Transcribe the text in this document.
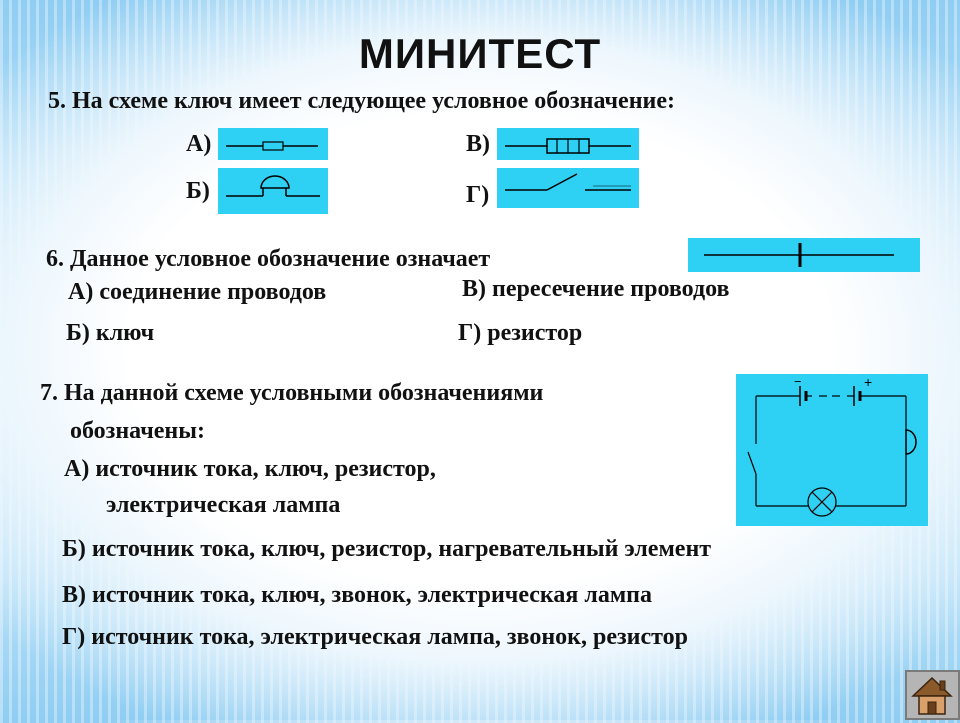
МИНИТЕСТ
5. На схеме ключ имеет следующее условное обозначение:
А)
Б)
В)
Г)
6. Данное условное обозначение означает
А) соединение проводов	В) пересечение проводов
Б) ключ	Г) резистор
7. На данной схеме условными обозначениями
обозначены:
−	+
А) источник тока, ключ, резистор,
электрическая лампа
Б) источник тока, ключ, резистор, нагревательный элемент
В) источник тока, ключ, звонок, электрическая лампа
Г) источник тока, электрическая лампа, звонок, резистор
